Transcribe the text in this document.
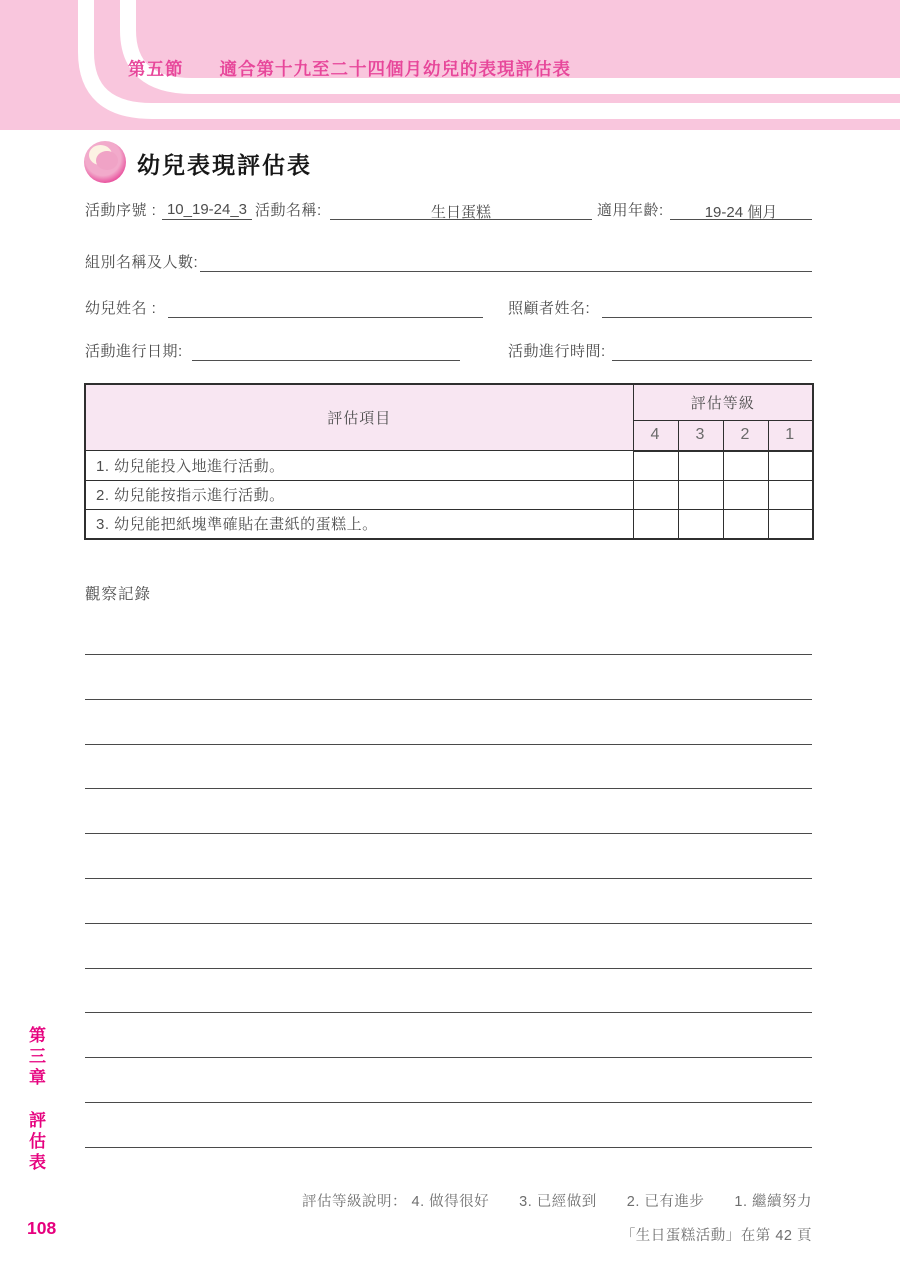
第五節 適合第十九至二十四個月幼兒的表現評估表
幼兒表現評估表
活動序號 : 10_19-24_3 活動名稱:	生日蛋糕	適用年齡:	19-24 個月
組別名稱及人數:
幼兒姓名 :	照顧者姓名:
活動進行日期:	活動進行時間:
評估項目	評估等級			
	4	3	2	1
1. 幼兒能投入地進行活動。				
2. 幼兒能按指示進行活動。				
3. 幼兒能把紙塊準確貼在畫紙的蛋糕上。				
觀察記錄
第三章評估表
108
評估等級說明： 4. 做得很好　　3. 已經做到　　2. 已有進步　　1. 繼續努力
「生日蛋糕活動」在第 42 頁
